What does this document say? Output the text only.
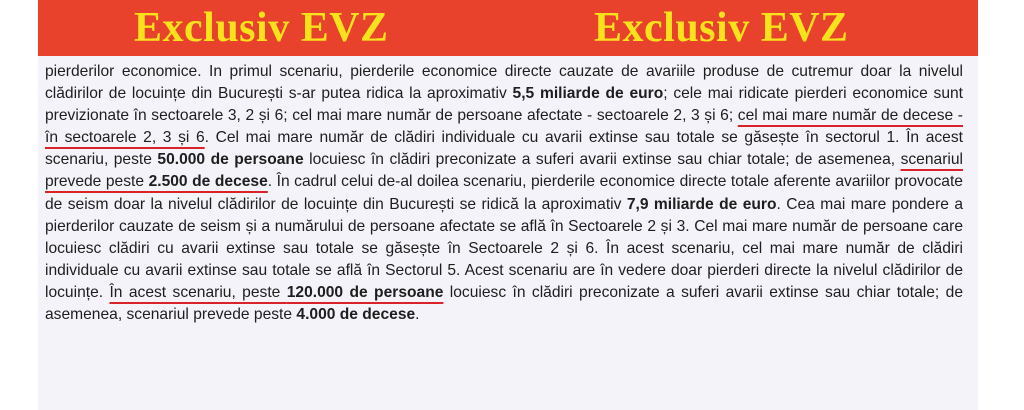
Exclusiv EVZ	Exclusiv EVZ
pierderilor economice. In primul scenariu, pierderile economice directe cauzate de avariile produse de cutremur doar la nivelul clădirilor de locuințe din București s-ar putea ridica la aproximativ 5,5 miliarde de euro; cele mai ridicate pierderi economice sunt previzionate în sectoarele 3, 2 și 6; cel mai mare număr de persoane afectate - sectoarele 2, 3 și 6; cel mai mare număr de decese - în sectoarele 2, 3 și 6. Cel mai mare număr de clădiri individuale cu avarii extinse sau totale se găsește în sectorul 1. În acest scenariu, peste 50.000 de persoane locuiesc în clădiri preconizate a suferi avarii extinse sau chiar totale; de asemenea, scenariul prevede peste 2.500 de decese. În cadrul celui de-al doilea scenariu, pierderile economice directe totale aferente avariilor provocate de seism doar la nivelul clădirilor de locuințe din București se ridică la aproximativ 7,9 miliarde de euro. Cea mai mare pondere a pierderilor cauzate de seism și a numărului de persoane afectate se află în Sectoarele 2 și 3. Cel mai mare număr de persoane care locuiesc clădiri cu avarii extinse sau totale se găsește în Sectoarele 2 și 6. În acest scenariu, cel mai mare număr de clădiri individuale cu avarii extinse sau totale se află în Sectorul 5. Acest scenariu are în vedere doar pierderi directe la nivelul clădirilor de locuințe. În acest scenariu, peste 120.000 de persoane locuiesc în clădiri preconizate a suferi avarii extinse sau chiar totale; de asemenea, scenariul prevede peste 4.000 de decese.
